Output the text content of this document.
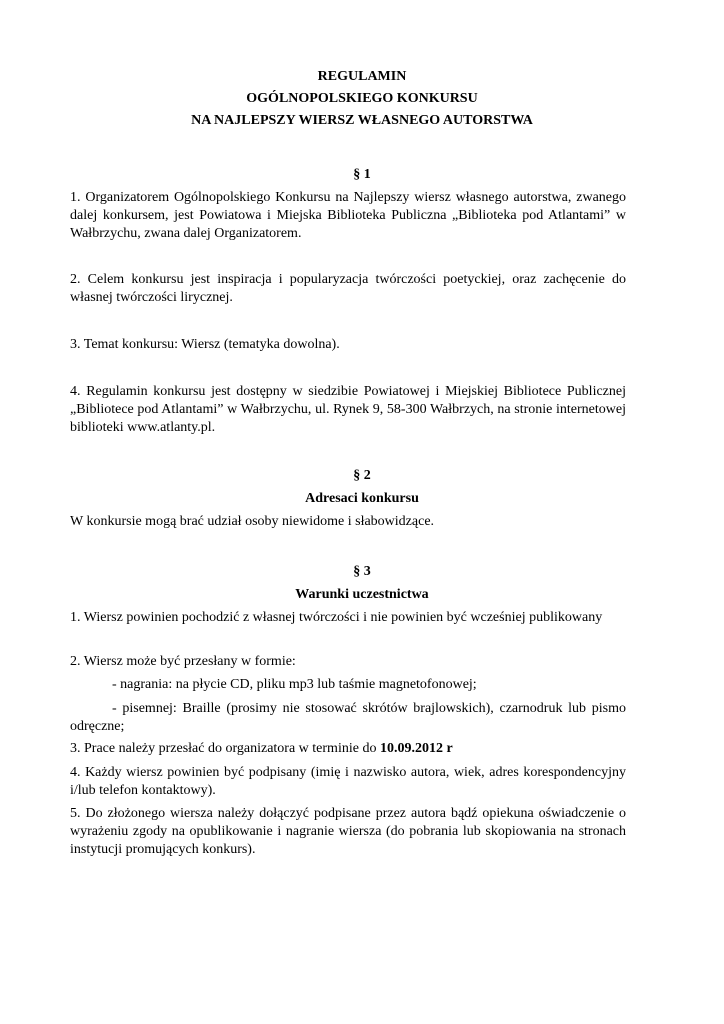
REGULAMIN
OGÓLNOPOLSKIEGO KONKURSU
NA NAJLEPSZY WIERSZ WŁASNEGO AUTORSTWA
§ 1
1. Organizatorem Ogólnopolskiego Konkursu na Najlepszy wiersz własnego autorstwa, zwanego dalej konkursem, jest Powiatowa i Miejska Biblioteka Publiczna „Biblioteka pod Atlantami” w Wałbrzychu, zwana dalej Organizatorem.
2. Celem konkursu jest inspiracja i popularyzacja twórczości poetyckiej, oraz zachęcenie do własnej twórczości lirycznej.
3. Temat konkursu: Wiersz (tematyka dowolna).
4. Regulamin konkursu jest dostępny w siedzibie Powiatowej i Miejskiej Bibliotece Publicznej „Bibliotece pod Atlantami” w Wałbrzychu, ul. Rynek 9, 58-300 Wałbrzych, na stronie internetowej biblioteki www.atlanty.pl.
§ 2
Adresaci konkursu
W konkursie mogą brać udział osoby niewidome i słabowidzące.
§ 3
Warunki uczestnictwa
1. Wiersz powinien pochodzić z własnej twórczości i nie powinien być wcześniej publikowany
2. Wiersz może być przesłany w formie:
- nagrania: na płycie CD, pliku mp3 lub taśmie magnetofonowej;
- pisemnej: Braille (prosimy nie stosować skrótów brajlowskich), czarnodruk lub pismo odręczne;
3. Prace należy przesłać do organizatora w terminie do 10.09.2012 r
4. Każdy wiersz powinien być podpisany (imię i nazwisko autora, wiek, adres korespondencyjny i/lub telefon kontaktowy).
5. Do złożonego wiersza należy dołączyć podpisane przez autora bądź opiekuna oświadczenie o wyrażeniu zgody na opublikowanie i nagranie wiersza (do pobrania lub skopiowania na stronach instytucji promujących konkurs).
